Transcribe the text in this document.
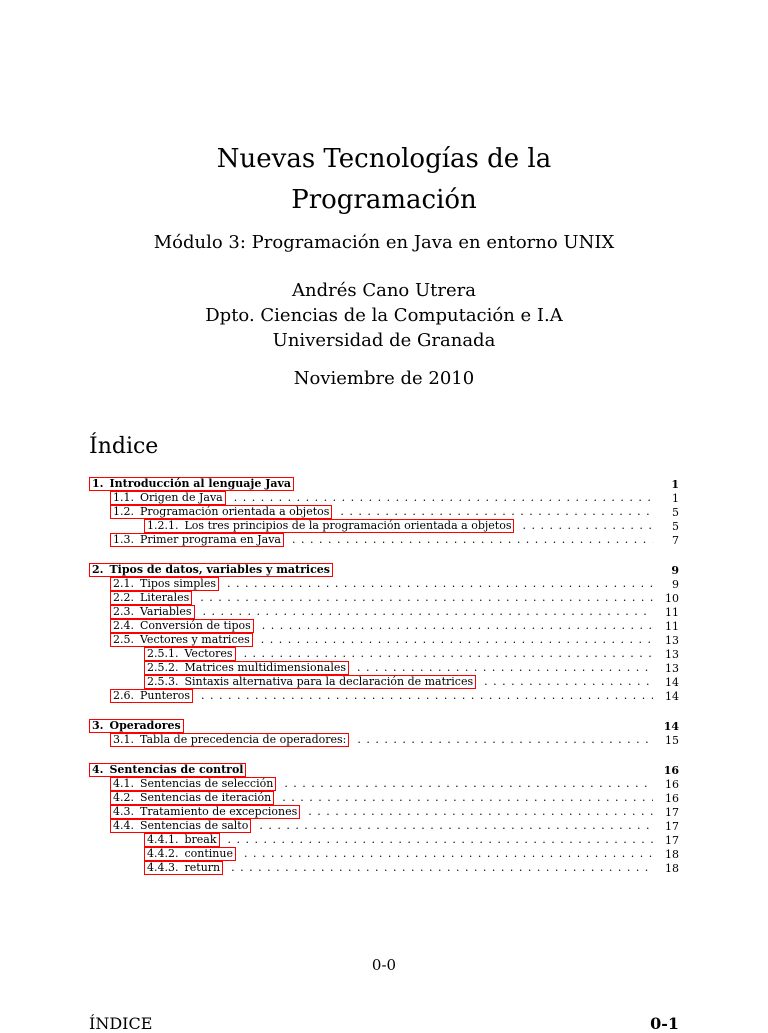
Nuevas Tecnologías de la
Programación
Módulo 3: Programación en Java en entorno UNIX
Andrés Cano Utrera
Dpto. Ciencias de la Computación e I.A
Universidad de Granada
Noviembre de 2010
Índice
1. Introducción al lenguaje Java	1
1.1. Origen de Java . . .	1
1.2. Programación orientada a objetos . . .	5
1.2.1. Los tres principios de la programación orientada a objetos . . .	5
1.3. Primer programa en Java . . .	7
2. Tipos de datos, variables y matrices	9
2.1. Tipos simples . . .	9
2.2. Literales . . .	10
2.3. Variables . . .	11
2.4. Conversión de tipos . . .	11
2.5. Vectores y matrices . . .	13
2.5.1. Vectores . . .	13
2.5.2. Matrices multidimensionales . . .	13
2.5.3. Sintaxis alternativa para la declaración de matrices . . .	14
2.6. Punteros . . .	14
3. Operadores	14
3.1. Tabla de precedencia de operadores: . . .	15
4. Sentencias de control	16
4.1. Sentencias de selección . . .	16
4.2. Sentencias de iteración . . .	16
4.3. Tratamiento de excepciones . . .	17
4.4. Sentencias de salto . . .	17
4.4.1. break . . .	17
4.4.2. continue . . .	18
4.4.3. return . . .	18
0-0
ÍNDICE	0-1
